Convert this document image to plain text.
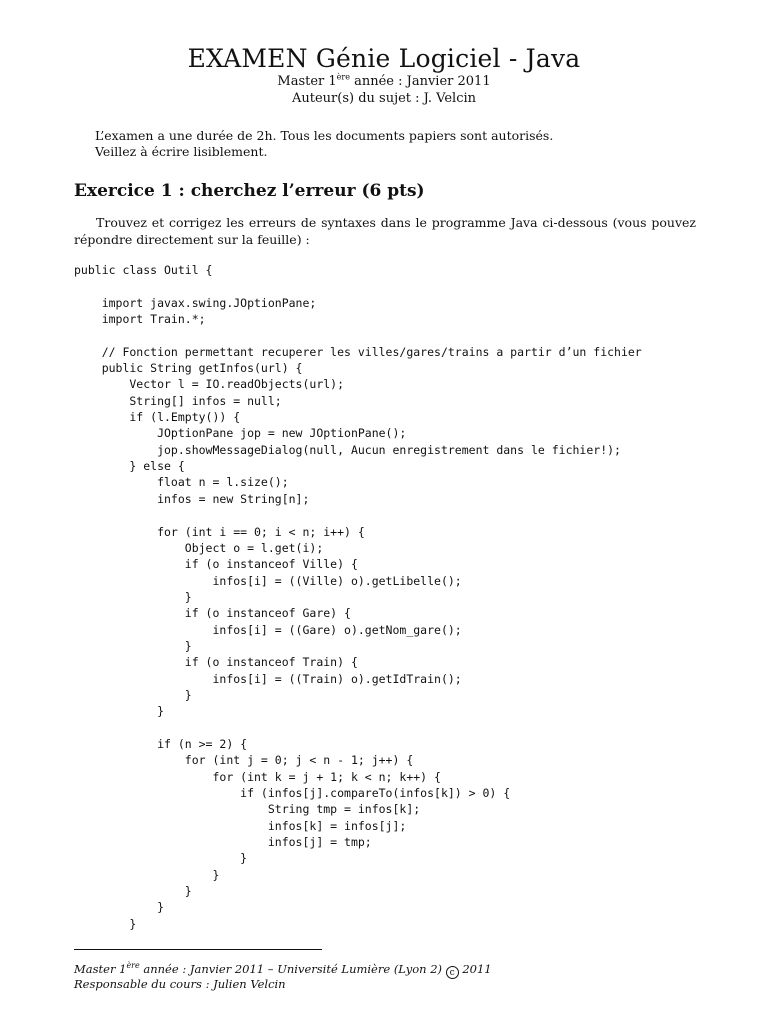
EXAMEN Génie Logiciel - Java
Master 1ère année : Janvier 2011
Auteur(s) du sujet : J. Velcin
L’examen a une durée de 2h. Tous les documents papiers sont autorisés.
Veillez à écrire lisiblement.
Exercice 1 : cherchez l’erreur (6 pts)
Trouvez et corrigez les erreurs de syntaxes dans le programme Java ci-dessous (vous pouvez répondre directement sur la feuille) :
public class Outil {
import javax.swing.JOptionPane;
import Train.*;
// Fonction permettant recuperer les villes/gares/trains a partir d’un fichier
public String getInfos(url) {
Vector l = IO.readObjects(url);
String[] infos = null;
if (l.Empty()) {
JOptionPane jop = new JOptionPane();
jop.showMessageDialog(null, Aucun enregistrement dans le fichier!);
} else {
float n = l.size();
infos = new String[n];
for (int i == 0; i < n; i++) {
Object o = l.get(i);
if (o instanceof Ville) {
infos[i] = ((Ville) o).getLibelle();
}
if (o instanceof Gare) {
infos[i] = ((Gare) o).getNom_gare();
}
if (o instanceof Train) {
infos[i] = ((Train) o).getIdTrain();
}
}
if (n >= 2) {
for (int j = 0; j < n - 1; j++) {
for (int k = j + 1; k < n; k++) {
if (infos[j].compareTo(infos[k]) > 0) {
String tmp = infos[k];
infos[k] = infos[j];
infos[j] = tmp;
}
}
}
}
}
Master 1ère année : Janvier 2011 – Université Lumière (Lyon 2) c 2011
Responsable du cours : Julien Velcin
